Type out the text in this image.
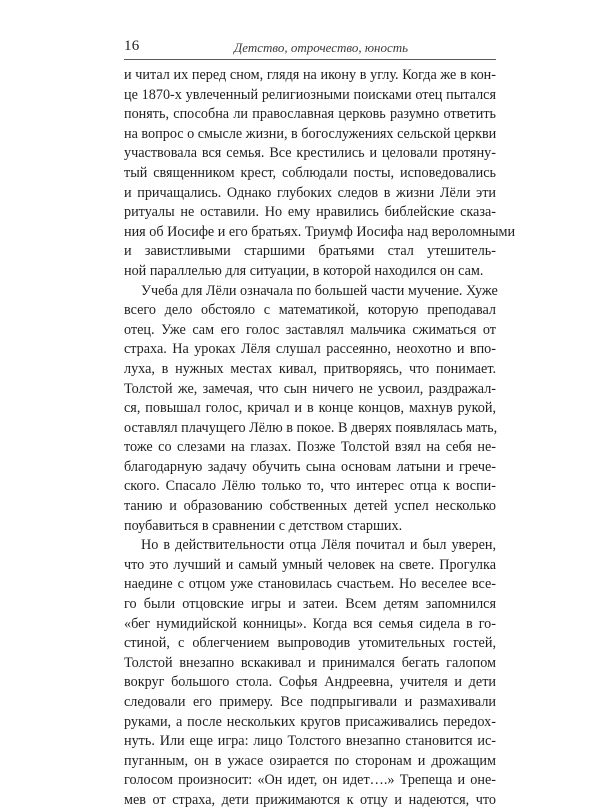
16	Детство, отрочество, юность
и читал их перед сном, глядя на икону в углу. Когда же в кон-
це 1870-х увлеченный религиозными поисками отец пытался
понять, способна ли православная церковь разумно ответить
на вопрос о смысле жизни, в богослужениях сельской церкви
участвовала вся семья. Все крестились и целовали протяну-
тый священником крест, соблюдали посты, исповедовались
и причащались. Однако глубоких следов в жизни Лёли эти
ритуалы не оставили. Но ему нравились библейские сказа-
ния об Иосифе и его братьях. Триумф Иосифа над вероломными
и завистливыми старшими братьями стал утешитель-
ной параллелью для ситуации, в которой находился он сам.
Учеба для Лёли означала по большей части мучение. Хуже
всего дело обстояло с математикой, которую преподавал
отец. Уже сам его голос заставлял мальчика сжиматься от
страха. На уроках Лёля слушал рассеянно, неохотно и впо-
луха, в нужных местах кивал, притворяясь, что понимает.
Толстой же, замечая, что сын ничего не усвоил, раздражал-
ся, повышал голос, кричал и в конце концов, махнув рукой,
оставлял плачущего Лёлю в покое. В дверях появлялась мать,
тоже со слезами на глазах. Позже Толстой взял на себя не-
благодарную задачу обучить сына основам латыни и грече-
ского. Спасало Лёлю только то, что интерес отца к воспи-
танию и образованию собственных детей успел несколько
поубавиться в сравнении с детством старших.
Но в действительности отца Лёля почитал и был уверен,
что это лучший и самый умный человек на свете. Прогулка
наедине с отцом уже становилась счастьем. Но веселее все-
го были отцовские игры и затеи. Всем детям запомнился
«бег нумидийской конницы». Когда вся семья сидела в го-
стиной, с облегчением выпроводив утомительных гостей,
Толстой внезапно вскакивал и принимался бегать галопом
вокруг большого стола. Софья Андреевна, учителя и дети
следовали его примеру. Все подпрыгивали и размахивали
руками, а после нескольких кругов присаживались передох-
нуть. Или еще игра: лицо Толстого внезапно становится ис-
пуганным, он в ужасе озирается по сторонам и дрожащим
голосом произносит: «Он идет, он идет….» Трепеща и оне-
мев от страха, дети прижимаются к отцу и надеются, что
